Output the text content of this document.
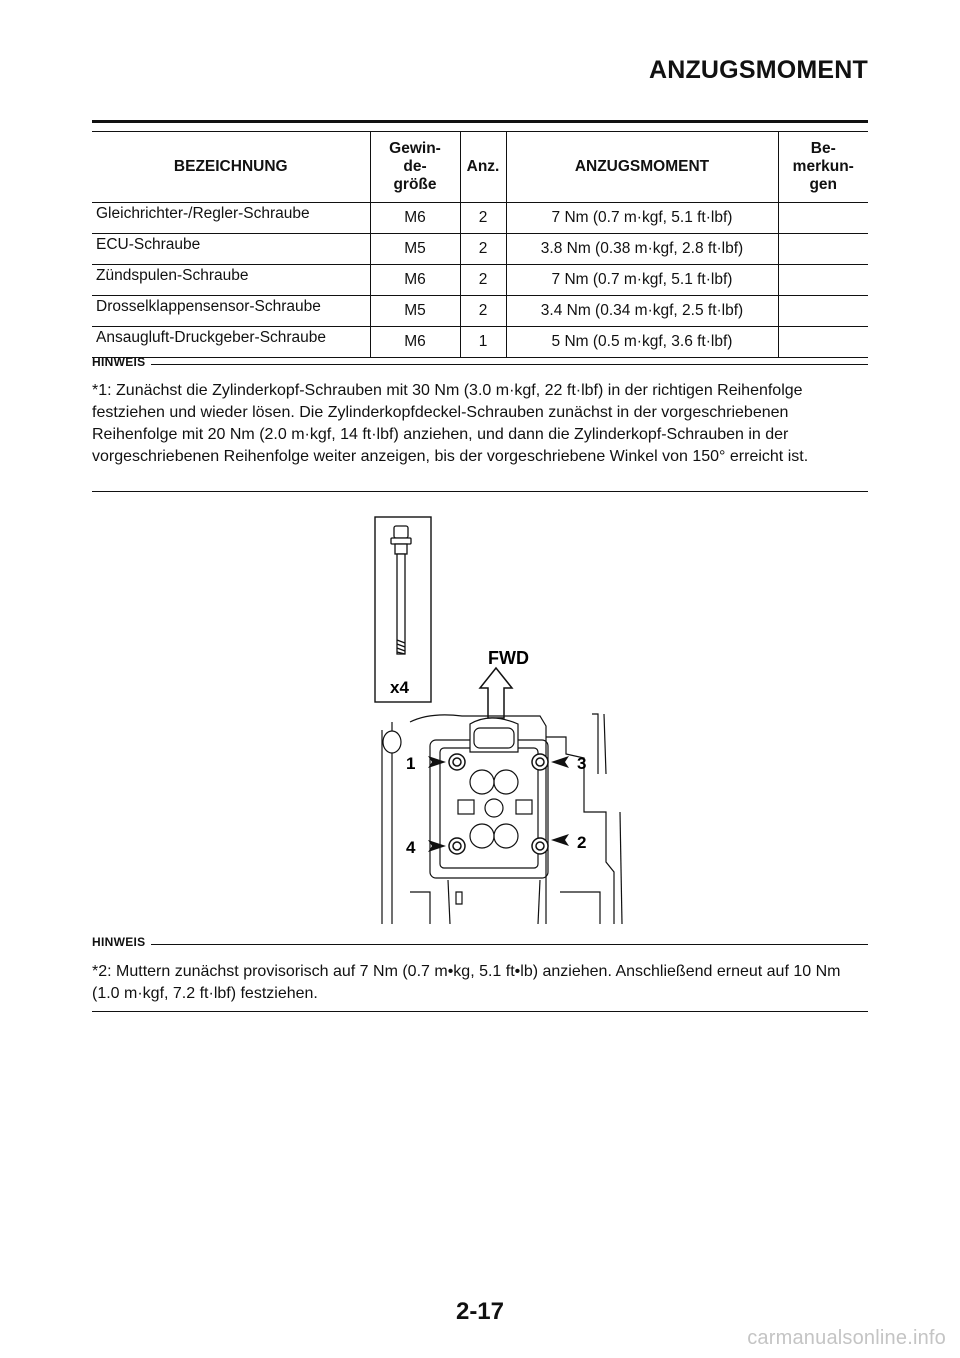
ANZUGSMOMENT
BEZEICHNUNG	Gewin-
de-
größe	Anz.	ANZUGSMOMENT	Be-
merkun-
gen
Gleichrichter-/Regler-Schraube	M6	2	7 Nm (0.7 m·kgf, 5.1 ft·lbf)	
ECU-Schraube	M5	2	3.8 Nm (0.38 m·kgf, 2.8 ft·lbf)	
Zündspulen-Schraube	M6	2	7 Nm (0.7 m·kgf, 5.1 ft·lbf)	
Drosselklappensensor-Schraube	M5	2	3.4 Nm (0.34 m·kgf, 2.5 ft·lbf)	
Ansaugluft-Druckgeber-Schraube	M6	1	5 Nm (0.5 m·kgf, 3.6 ft·lbf)	
HINWEIS
*1: Zunächst die Zylinderkopf-Schrauben mit 30 Nm (3.0 m·kgf, 22 ft·lbf) in der richtigen Reihenfolge festziehen und wieder lösen. Die Zylinderkopfdeckel-Schrauben zunächst in der vorgeschriebenen Reihenfolge mit 20 Nm (2.0 m·kgf, 14 ft·lbf) anziehen, und dann die Zylinderkopf-Schrauben in der vorgeschriebenen Reihenfolge weiter anzeigen, bis der vorgeschriebene Winkel von 150° erreicht ist.
x4
FWD
1	3
4	2
HINWEIS
*2: Muttern zunächst provisorisch auf 7 Nm (0.7 m•kg, 5.1 ft•lb) anziehen. Anschließend erneut auf 10 Nm (1.0 m·kgf, 7.2 ft·lbf) festziehen.
2-17
carmanualsonline.info
